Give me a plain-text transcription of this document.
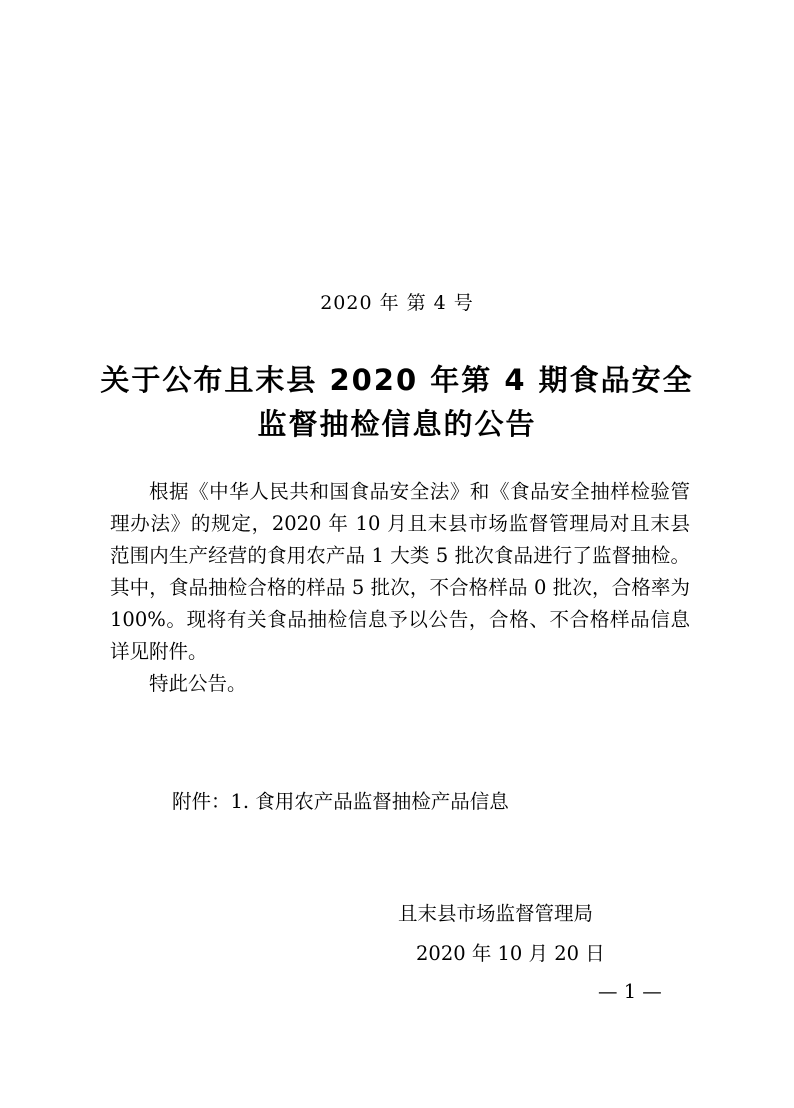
2020 年 第 4 号
关于公布且末县 2020 年第 4 期食品安全
监督抽检信息的公告

根据《中华人民共和国食品安全法》和《食品安全抽样检验管理办法》的规定，2020 年 10 月且末县市场监督管理局对且末县范围内生产经营的食用农产品 1 大类 5 批次食品进行了监督抽检。其中，食品抽检合格的样品 5 批次，不合格样品 0 批次，合格率为 100%。现将有关食品抽检信息予以公告，合格、不合格样品信息详见附件。

特此公告。

附件：1. 食用农产品监督抽检产品信息
且末县市场监督管理局
2020 年 10 月 20 日
— 1 —
